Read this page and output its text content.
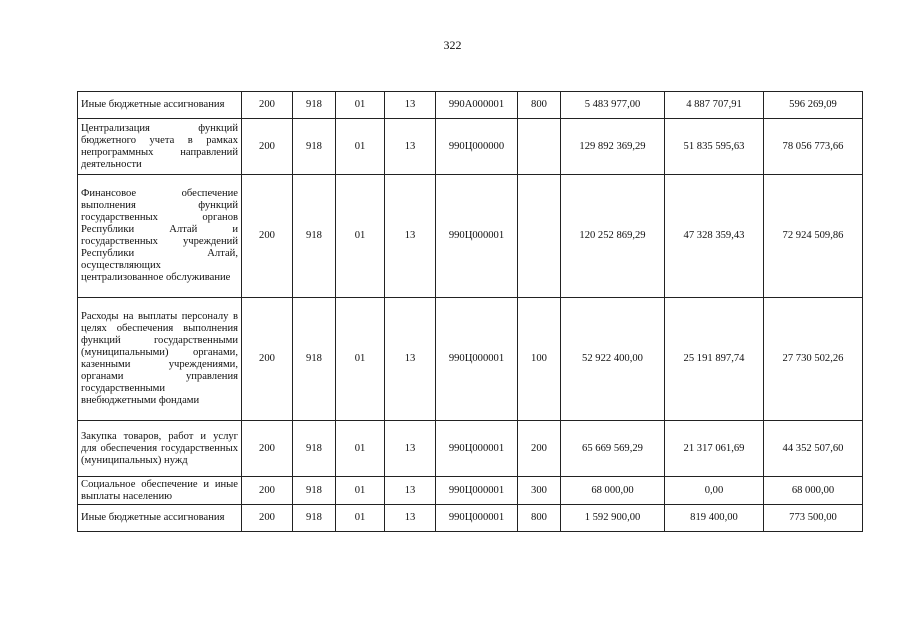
322
Иные бюджетные ассигнования	200	918	01	13	990А000001	800	5 483 977,00	4 887 707,91	596 269,09
Централизация функций бюджетного учета в рамках непрограммных направлений деятельности	200	918	01	13	990Ц000000		129 892 369,29	51 835 595,63	78 056 773,66
Финансовое обеспечение выполнения функций государственных органов Республики Алтай и государственных учреждений Республики Алтай, осуществляющих централизованное обслуживание	200	918	01	13	990Ц000001		120 252 869,29	47 328 359,43	72 924 509,86
Расходы на выплаты персоналу в целях обеспечения выполнения функций государственными (муниципальными) органами, казенными учреждениями, органами управления государственными внебюджетными фондами	200	918	01	13	990Ц000001	100	52 922 400,00	25 191 897,74	27 730 502,26
Закупка товаров, работ и услуг для обеспечения государственных (муниципальных) нужд	200	918	01	13	990Ц000001	200	65 669 569,29	21 317 061,69	44 352 507,60
Социальное обеспечение и иные выплаты населению	200	918	01	13	990Ц000001	300	68 000,00	0,00	68 000,00
Иные бюджетные ассигнования	200	918	01	13	990Ц000001	800	1 592 900,00	819 400,00	773 500,00
